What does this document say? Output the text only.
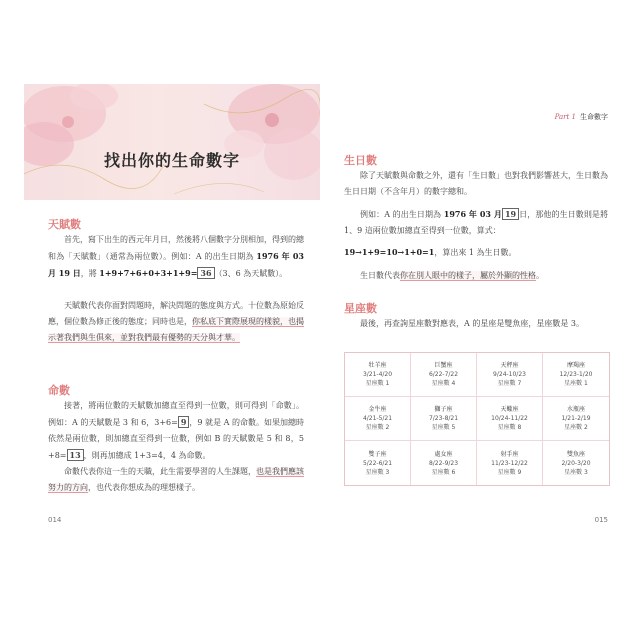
找出你的生命數字
天賦數
首先，寫下出生的西元年月日，然後將八個數字分別相加，得到的總和為「天賦數」（通常為兩位數）。例如：A 的出生日期為 1976 年 03 月 19 日，將 1+9+7+6+0+3+1+9= 36 （3、6 為天賦數）。
天賦數代表你面對問題時，解決問題的態度與方式。十位數為原始反應，個位數為修正後的態度；同時也是，你私底下實際展現的樣貌，也揭示著我們與生俱來，並對我們最有優勢的天分與才華。
命數
接著，將兩位數的天賦數加總直至得到一位數，則可得到「命數」。例如：A 的天賦數是 3 和 6，3+6= 9 ，9 就是 A 的命數。如果加總時依然是兩位數，則加總直至得到一位數，例如 B 的天賦數是 5 和 8，5+8= 13 ，則再加總成 1+3=4，4 為命數。
命數代表你這一生的天職，此生需要學習的人生課題，也是我們應該努力的方向，也代表你想成為的理想樣子。
014
Part 1 生命數字
生日數
除了天賦數與命數之外，還有「生日數」也對我們影響甚大，生日數為生日日期（不含年月）的數字總和。
例如：A 的出生日期為 1976 年 03 月 19 日，那他的生日數則是將 1、9 這兩位數加總直至得到一位數，算式：
19→1+9=10→1+0=1，算出來 1 為生日數。
生日數代表你在別人眼中的樣子，屬於外顯的性格。
星座數
最後，再查詢星座數對應表，A 的星座是雙魚座，星座數是 3。
牡羊座
3/21-4/20
星座數 1
巨蟹座
6/22-7/22
星座數 4
天秤座
9/24-10/23
星座數 7
摩羯座
12/23-1/20
星座數 1
金牛座
4/21-5/21
星座數 2
獅子座
7/23-8/21
星座數 5
天蠍座
10/24-11/22
星座數 8
水瓶座
1/21-2/19
星座數 2
雙子座
5/22-6/21
星座數 3
處女座
8/22-9/23
星座數 6
射手座
11/23-12/22
星座數 9
雙魚座
2/20-3/20
星座數 3
015
